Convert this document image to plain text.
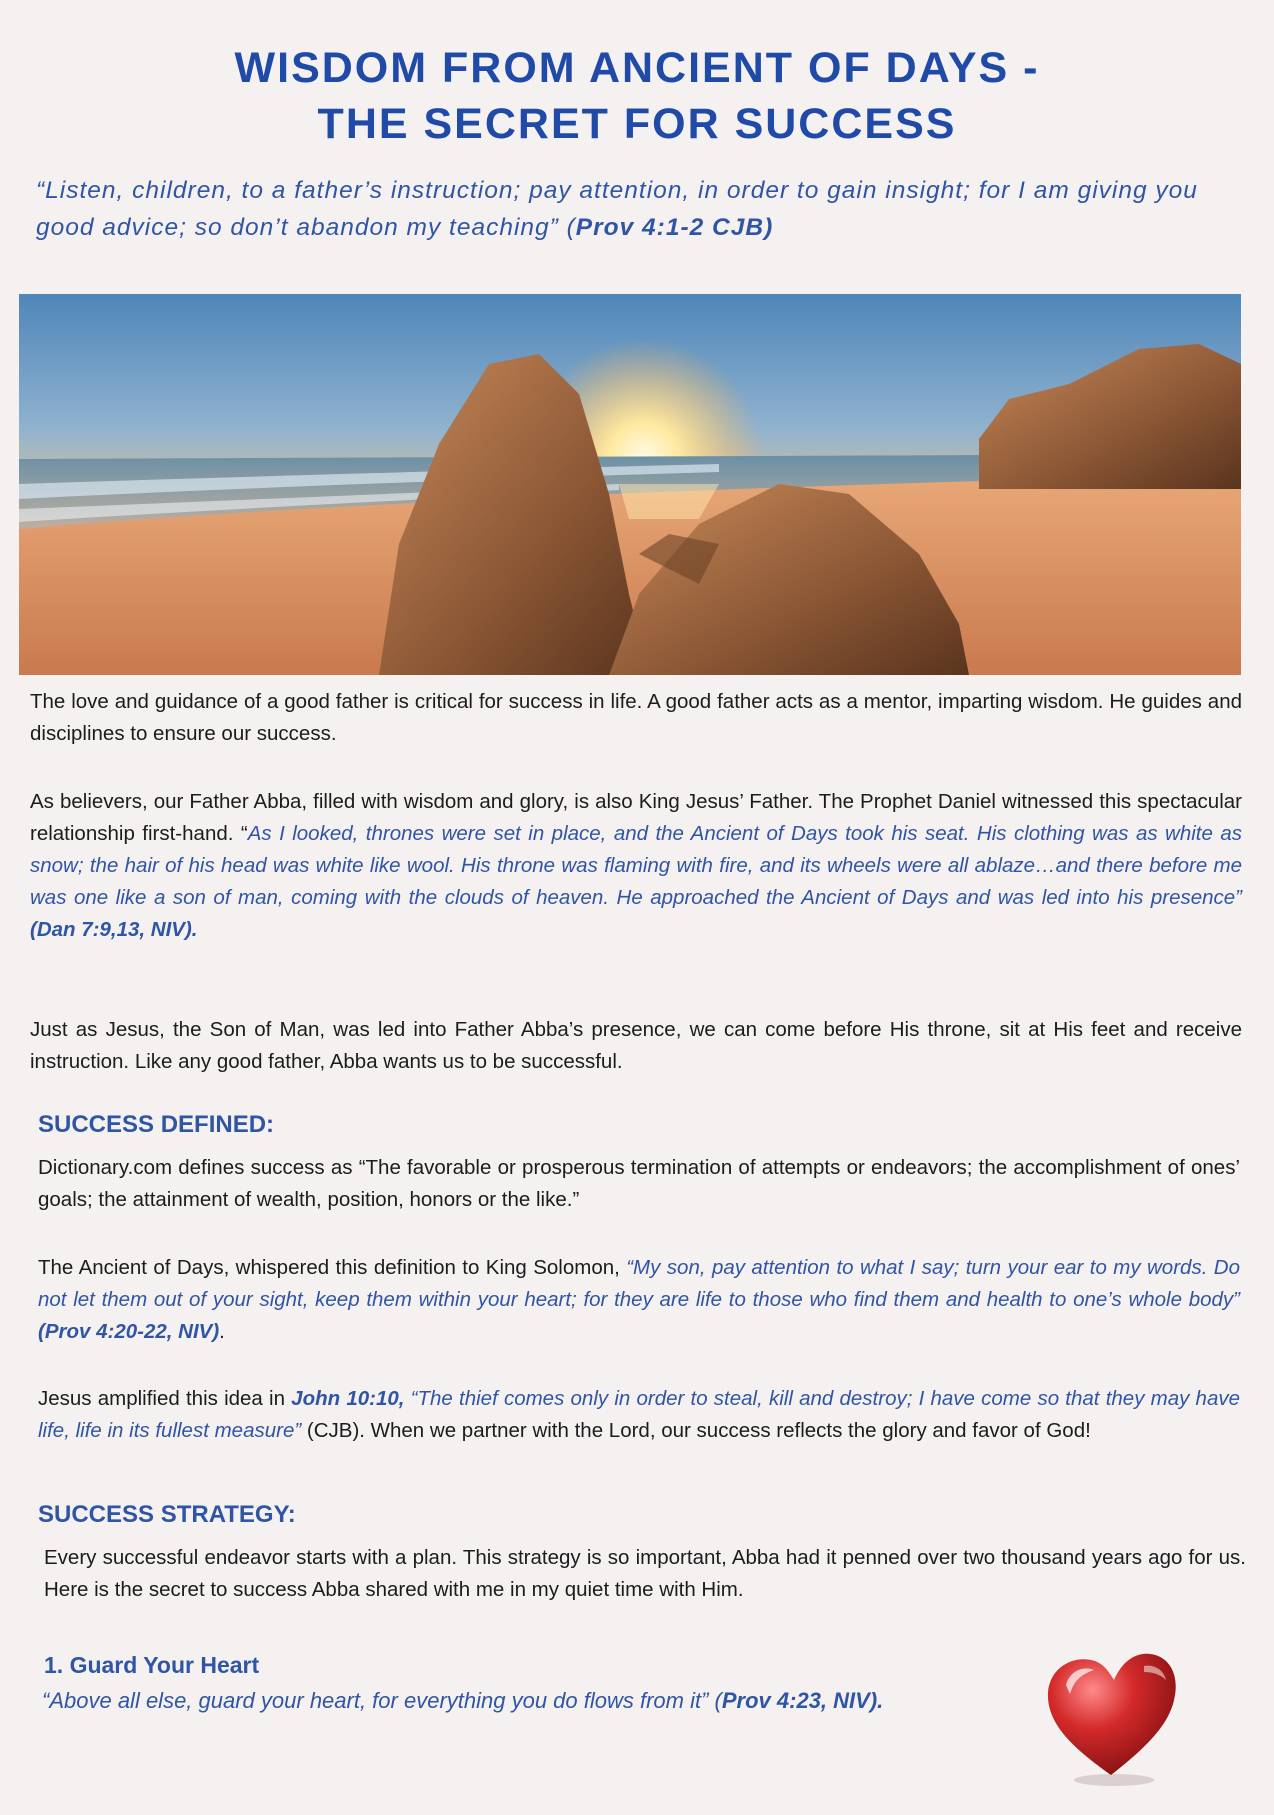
WISDOM FROM ANCIENT OF DAYS -
THE SECRET FOR SUCCESS
“Listen, children, to a father’s instruction; pay attention, in order to gain insight; for I am giving you good advice; so don’t abandon my teaching” (Prov 4:1-2 CJB)
The love and guidance of a good father is critical for success in life. A good father acts as a mentor, imparting wisdom. He guides and disciplines to ensure our success.
As believers, our Father Abba, filled with wisdom and glory, is also King Jesus’ Father. The Prophet Daniel witnessed this spectacular relationship first-hand. “As I looked, thrones were set in place, and the Ancient of Days took his seat. His clothing was as white as snow; the hair of his head was white like wool. His throne was flaming with fire, and its wheels were all ablaze…and there before me was one like a son of man, coming with the clouds of heaven. He approached the Ancient of Days and was led into his presence” (Dan 7:9,13, NIV).
Just as Jesus, the Son of Man, was led into Father Abba’s presence, we can come before His throne, sit at His feet and receive instruction. Like any good father, Abba wants us to be successful.
SUCCESS DEFINED:
Dictionary.com defines success as “The favorable or prosperous termination of attempts or endeavors; the accomplishment of ones’ goals; the attainment of wealth, position, honors or the like.”
The Ancient of Days, whispered this definition to King Solomon, “My son, pay attention to what I say; turn your ear to my words. Do not let them out of your sight, keep them within your heart; for they are life to those who find them and health to one’s whole body” (Prov 4:20-22, NIV).
Jesus amplified this idea in John 10:10, “The thief comes only in order to steal, kill and destroy; I have come so that they may have life, life in its fullest measure” (CJB). When we partner with the Lord, our success reflects the glory and favor of God!
SUCCESS STRATEGY:
Every successful endeavor starts with a plan. This strategy is so important, Abba had it penned over two thousand years ago for us. Here is the secret to success Abba shared with me in my quiet time with Him.
1. Guard Your Heart
“Above all else, guard your heart, for everything you do flows from it” (Prov 4:23, NIV).
